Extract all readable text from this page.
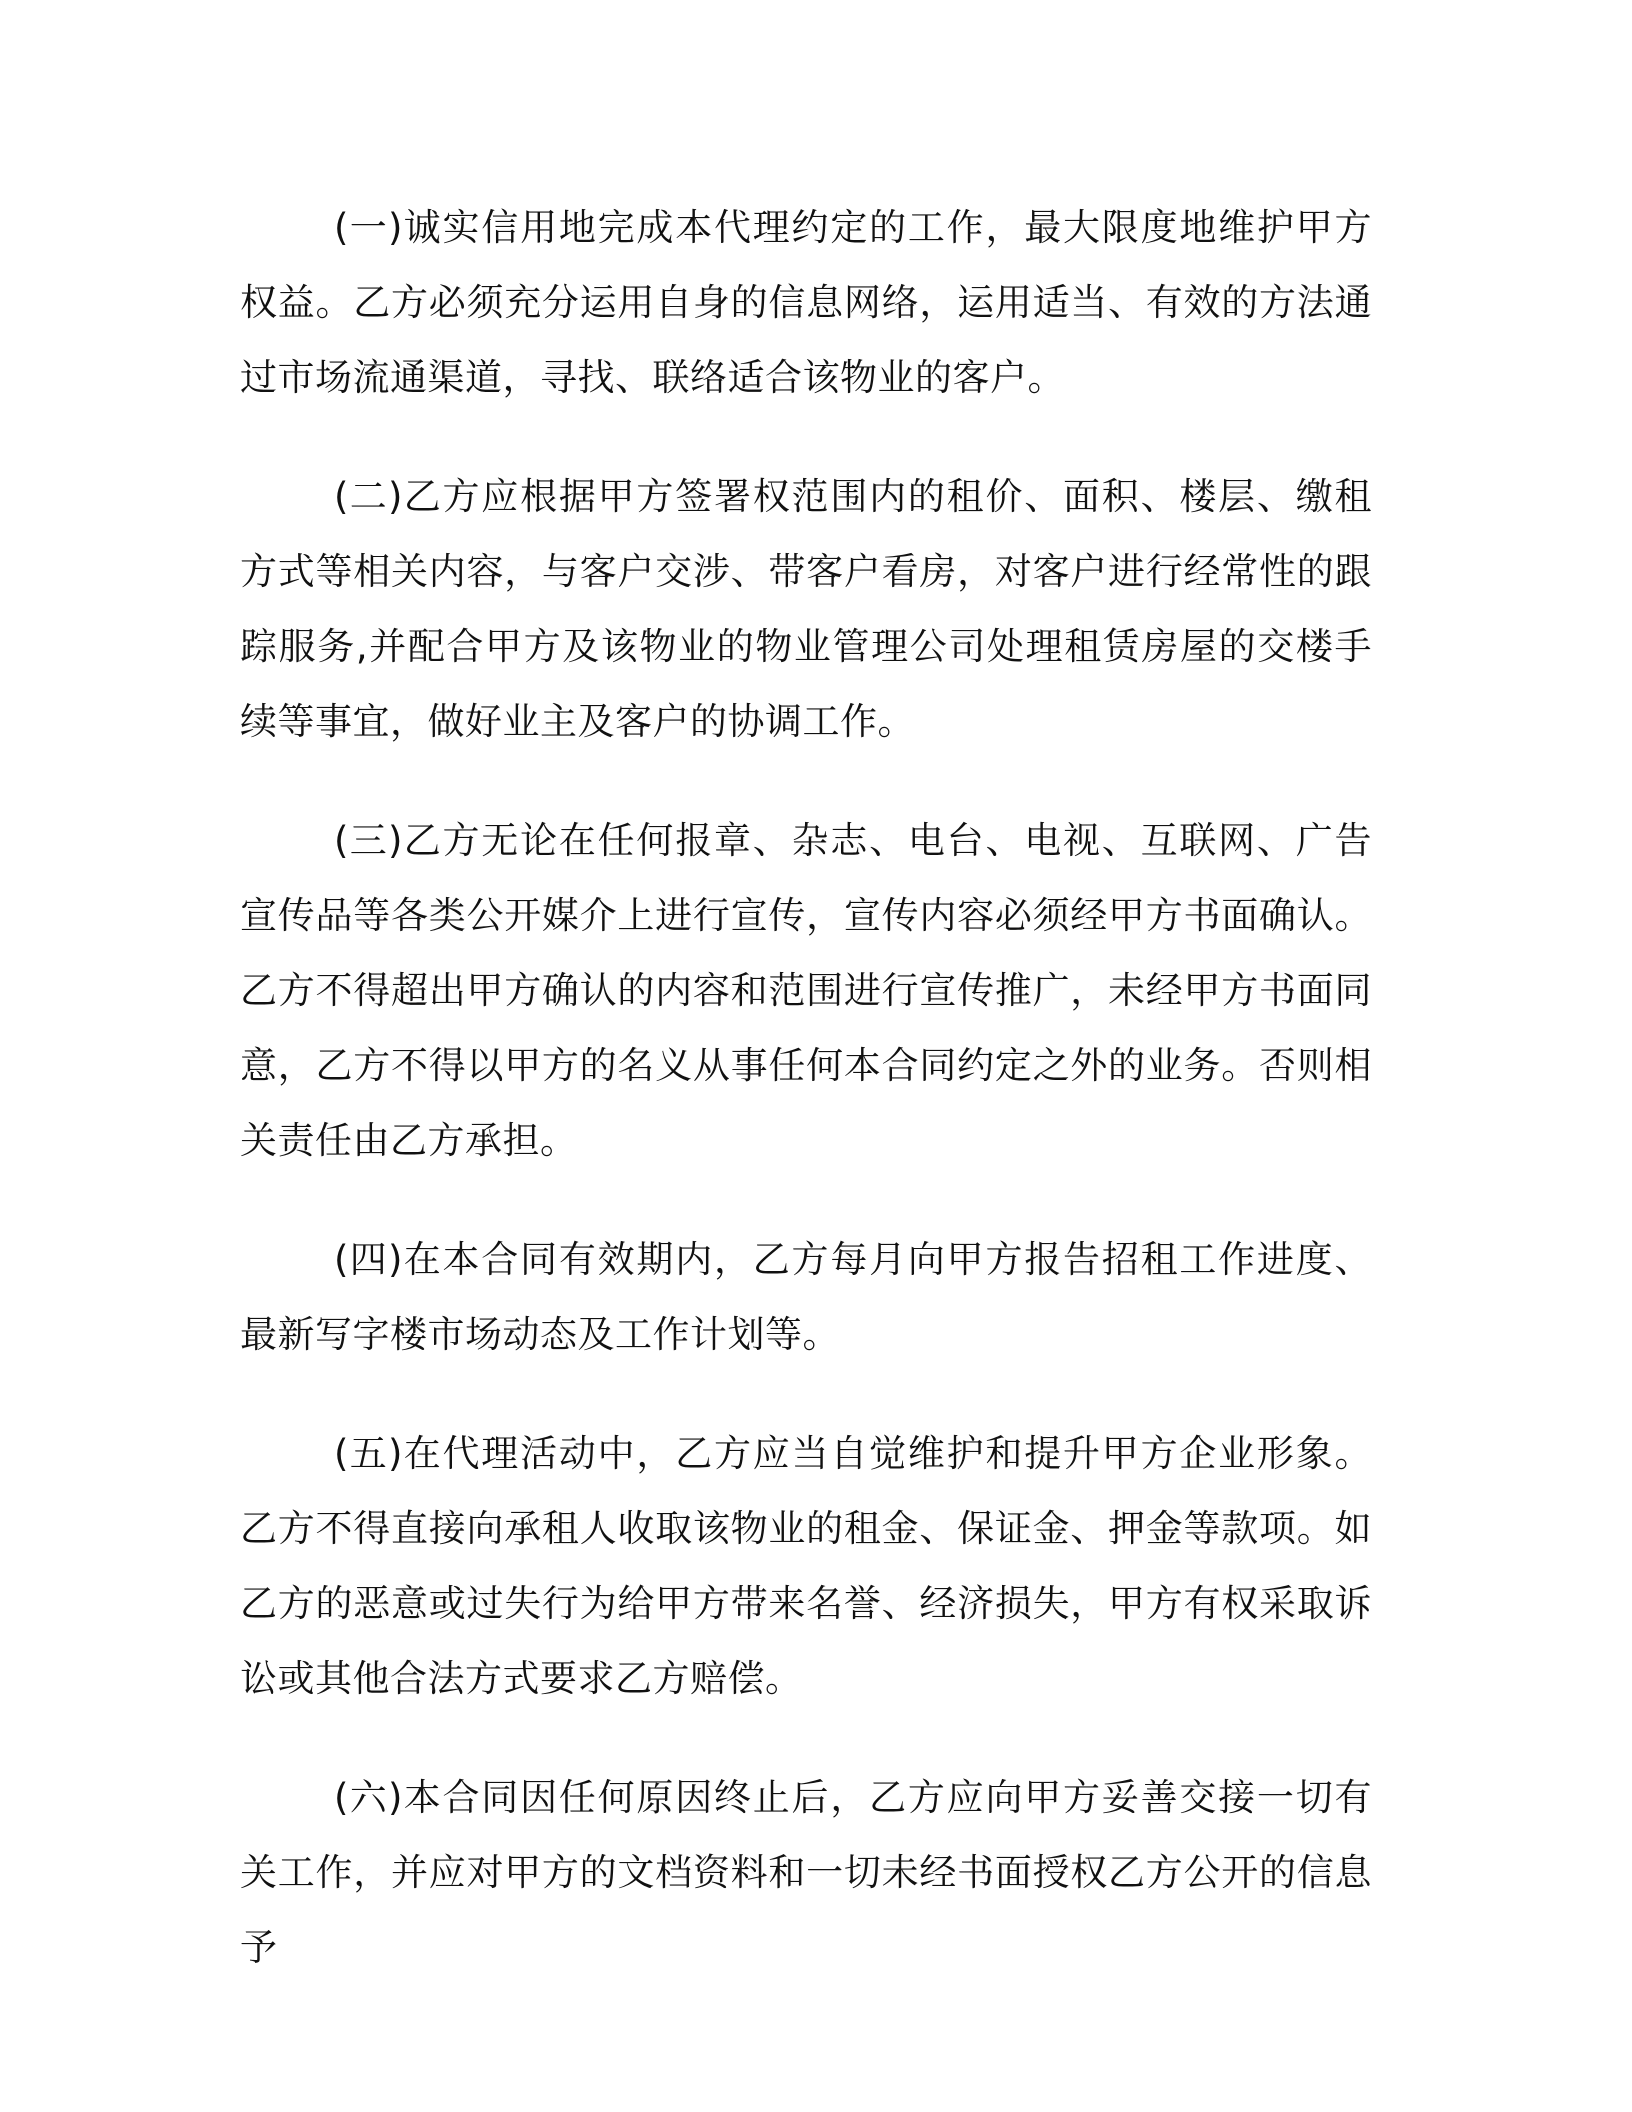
(一)诚实信用地完成本代理约定的工作，最大限度地维护甲方权益。乙方必须充分运用自身的信息网络，运用适当、有效的方法通过市场流通渠道，寻找、联络适合该物业的客户。

(二)乙方应根据甲方签署权范围内的租价、面积、楼层、缴租方式等相关内容，与客户交涉、带客户看房，对客户进行经常性的跟踪服务,并配合甲方及该物业的物业管理公司处理租赁房屋的交楼手续等事宜，做好业主及客户的协调工作。

(三)乙方无论在任何报章、杂志、电台、电视、互联网、广告宣传品等各类公开媒介上进行宣传，宣传内容必须经甲方书面确认。乙方不得超出甲方确认的内容和范围进行宣传推广，未经甲方书面同意，乙方不得以甲方的名义从事任何本合同约定之外的业务。否则相关责任由乙方承担。

(四)在本合同有效期内，乙方每月向甲方报告招租工作进度、最新写字楼市场动态及工作计划等。

(五)在代理活动中，乙方应当自觉维护和提升甲方企业形象。乙方不得直接向承租人收取该物业的租金、保证金、押金等款项。如乙方的恶意或过失行为给甲方带来名誉、经济损失，甲方有权采取诉讼或其他合法方式要求乙方赔偿。

(六)本合同因任何原因终止后，乙方应向甲方妥善交接一切有关工作，并应对甲方的文档资料和一切未经书面授权乙方公开的信息予
